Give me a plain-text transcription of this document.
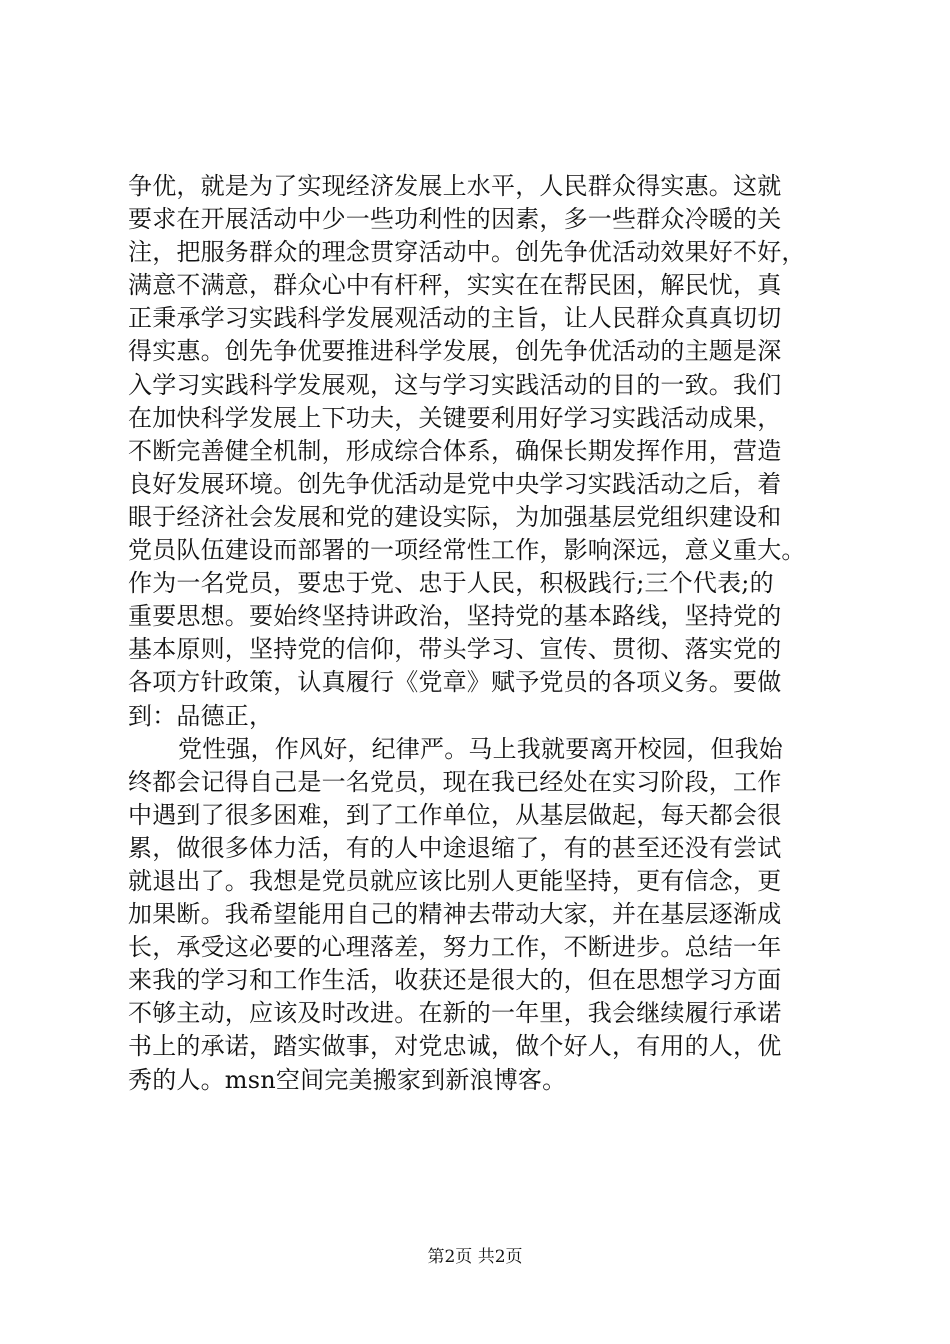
争优，就是为了实现经济发展上水平，人民群众得实惠。这就
要求在开展活动中少一些功利性的因素，多一些群众冷暖的关
注，把服务群众的理念贯穿活动中。创先争优活动效果好不好，
满意不满意，群众心中有杆秤，实实在在帮民困，解民忧，真
正秉承学习实践科学发展观活动的主旨，让人民群众真真切切
得实惠。创先争优要推进科学发展，创先争优活动的主题是深
入学习实践科学发展观，这与学习实践活动的目的一致。我们
在加快科学发展上下功夫，关键要利用好学习实践活动成果，
不断完善健全机制，形成综合体系，确保长期发挥作用，营造
良好发展环境。创先争优活动是党中央学习实践活动之后，着
眼于经济社会发展和党的建设实际，为加强基层党组织建设和
党员队伍建设而部署的一项经常性工作，影响深远，意义重大。
作为一名党员，要忠于党、忠于人民，积极践行;三个代表;的
重要思想。要始终坚持讲政治，坚持党的基本路线，坚持党的
基本原则，坚持党的信仰，带头学习、宣传、贯彻、落实党的
各项方针政策，认真履行《党章》赋予党员的各项义务。要做
到：品德正，
党性强，作风好，纪律严。马上我就要离开校园，但我始
终都会记得自己是一名党员，现在我已经处在实习阶段，工作
中遇到了很多困难，到了工作单位，从基层做起，每天都会很
累，做很多体力活，有的人中途退缩了，有的甚至还没有尝试
就退出了。我想是党员就应该比别人更能坚持，更有信念，更
加果断。我希望能用自己的精神去带动大家，并在基层逐渐成
长，承受这必要的心理落差，努力工作，不断进步。总结一年
来我的学习和工作生活，收获还是很大的，但在思想学习方面
不够主动，应该及时改进。在新的一年里，我会继续履行承诺
书上的承诺，踏实做事，对党忠诚，做个好人，有用的人，优
秀的人。msn空间完美搬家到新浪博客。
第2页 共2页
